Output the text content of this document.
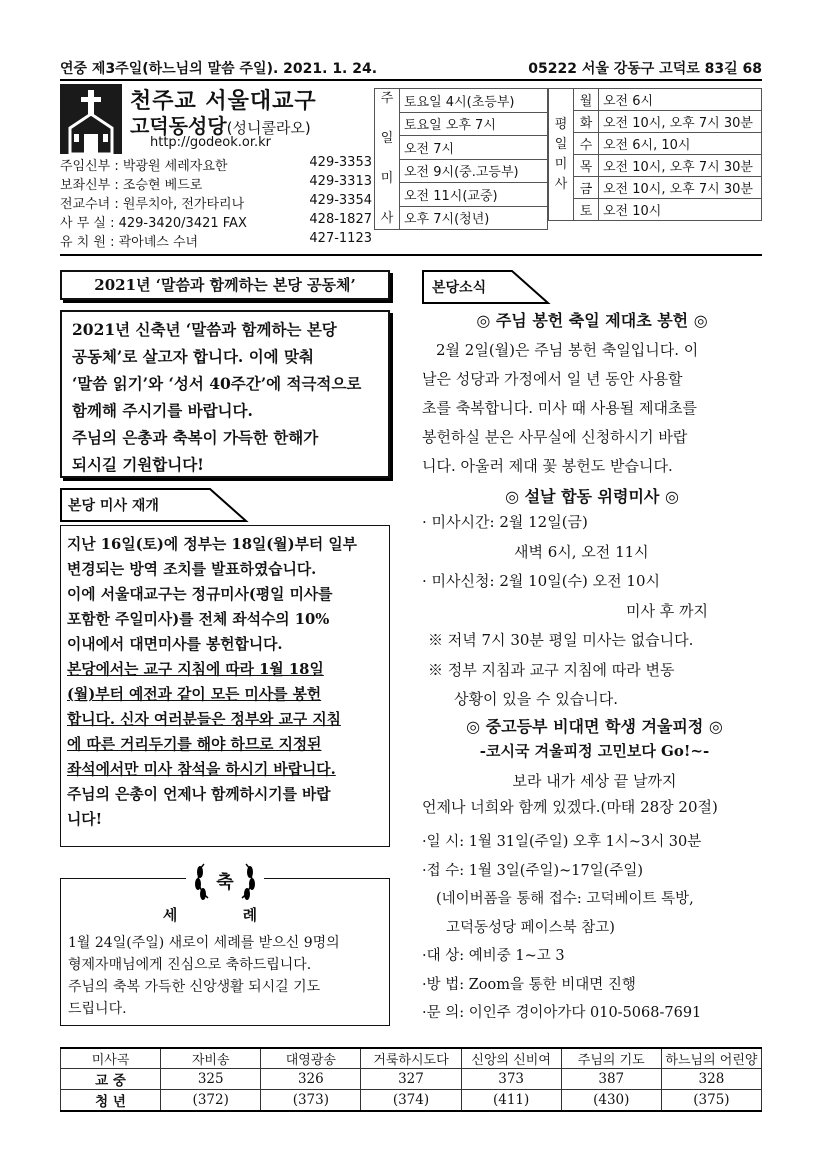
연중 제3주일(하느님의 말씀 주일). 2021. 1. 24.	05222 서울 강동구 고덕로 83길 68
천주교 서울대교구
고덕동성당(성니콜라오)
http://godeok.or.kr
주임신부 : 박광원 세레자요한	429-3353
보좌신부 : 조승현 베드로	429-3313
전교수녀 : 원루치아, 전가타리나	429-3354
사 무 실 : 429-3420/3421 FAX	428-1827
유 치 원 : 곽아녜스 수녀	427-1123
주

일

미

사	토요일 4시(초등부)
토요일 오후 7시
오전 7시
오전 9시(중.고등부)
오전 11시(교중)
오후 7시(청년)
평
일
미
사	월	오전 6시
	화	오전 10시, 오후 7시 30분
	수	오전 6시, 10시
	목	오전 10시, 오후 7시 30분
	금	오전 10시, 오후 7시 30분
	토	오전 10시
2021년 ‘말씀과 함께하는 본당 공동체’
2021년 신축년 ‘말씀과 함께하는 본당
공동체’로 살고자 합니다. 이에 맞춰
‘말씀 읽기’와 ‘성서 40주간’에 적극적으로
함께해 주시기를 바랍니다.
주님의 은총과 축복이 가득한 한해가
되시길 기원합니다!
본당 미사 재개
지난 16일(토)에 정부는 18일(월)부터 일부
변경되는 방역 조치를 발표하였습니다.
이에 서울대교구는 정규미사(평일 미사를
포함한 주일미사)를 전체 좌석수의 10%
이내에서 대면미사를 봉헌합니다.
본당에서는 교구 지침에 따라 1월 18일
(월)부터 예전과 같이 모든 미사를 봉헌
합니다. 신자 여러분들은 정부와 교구 지침
에 따른 거리두기를 해야 하므로 지정된
좌석에서만 미사 참석을 하시기 바랍니다.
주님의 은총이 언제나 함께하시기를 바랍
니다!
축
세 례
1월 24일(주일) 새로이 세례를 받으신 9명의
형제자매님에게 진심으로 축하드립니다.
주님의 축복 가득한 신앙생활 되시길 기도
드립니다.
본당소식
◎ 주님 봉헌 축일 제대초 봉헌 ◎
2월 2일(월)은 주님 봉헌 축일입니다. 이
날은 성당과 가정에서 일 년 동안 사용할
초를 축복합니다. 미사 때 사용될 제대초를
봉헌하실 분은 사무실에 신청하시기 바랍
니다. 아울러 제대 꽃 봉헌도 받습니다.
◎ 설날 합동 위령미사 ◎
· 미사시간: 2월 12일(금)
새벽 6시, 오전 11시
· 미사신청: 2월 10일(수) 오전 10시
미사 후 까지
※ 저녁 7시 30분 평일 미사는 없습니다.
※ 정부 지침과 교구 지침에 따라 변동
상황이 있을 수 있습니다.
◎ 중고등부 비대면 학생 겨울피정 ◎
-코시국 겨울피정 고민보다 Go!~-
보라 내가 세상 끝 날까지
언제나 너희와 함께 있겠다.(마태 28장 20절)
·일 시: 1월 31일(주일) 오후 1시~3시 30분
·접 수: 1월 3일(주일)~17일(주일)
(네이버폼을 통해 접수: 고덕베이트 톡방,
고덕동성당 페이스북 참고)
·대 상: 예비중 1~고 3
·방 법: Zoom을 통한 비대면 진행
·문 의: 이인주 경이아가다 010-5068-7691
미사곡	자비송	대영광송	거룩하시도다	신앙의 신비여	주님의 기도	하느님의 어린양
교 중	325	326	327	373	387	328
청 년	(372)	(373)	(374)	(411)	(430)	(375)
